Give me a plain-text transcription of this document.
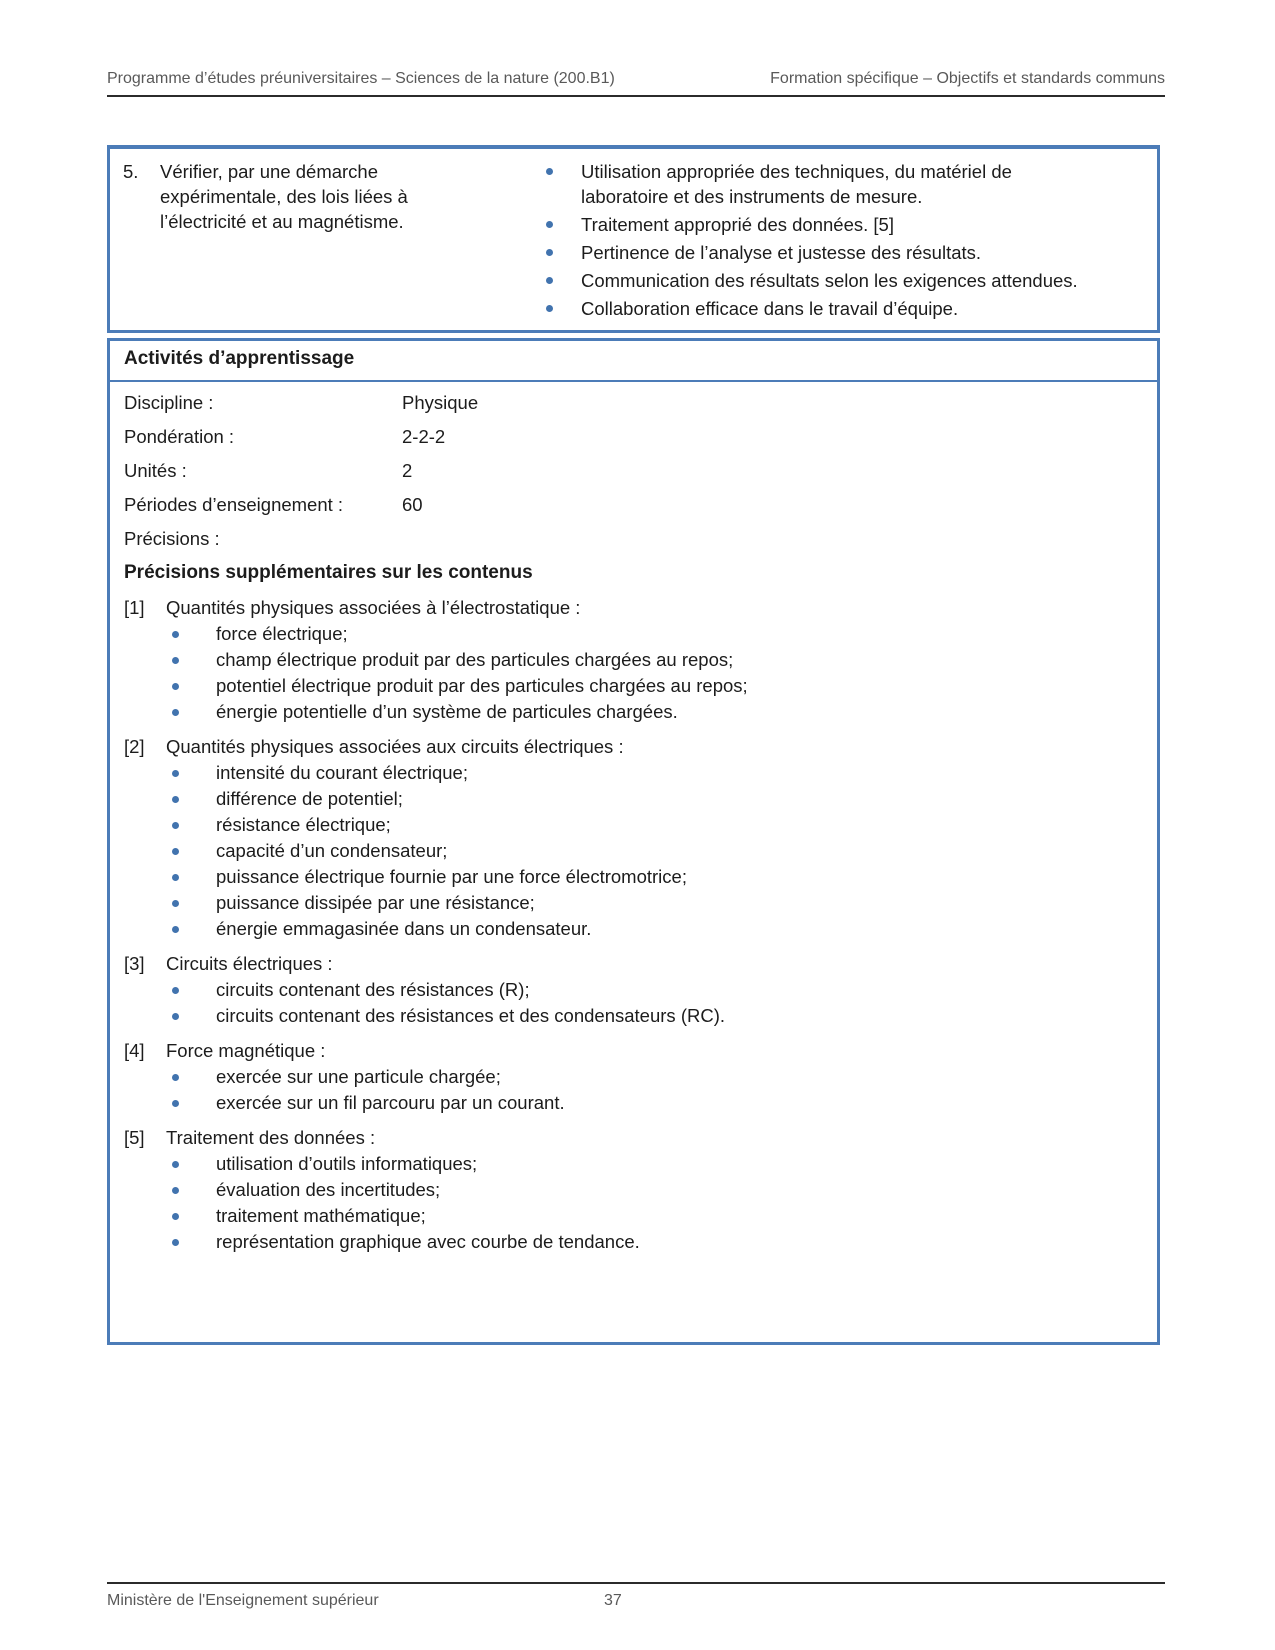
Programme d’études préuniversitaires – Sciences de la nature (200.B1)	Formation spécifique – Objectifs et standards communs
5.	Vérifier, par une démarche expérimentale, des lois liées à l’électricité et au magnétisme.
Utilisation appropriée des techniques, du matériel de laboratoire et des instruments de mesure.
Traitement approprié des données. [5]
Pertinence de l’analyse et justesse des résultats.
Communication des résultats selon les exigences attendues.
Collaboration efficace dans le travail d’équipe.
Activités d’apprentissage
Discipline :	Physique
Pondération :	2-2-2
Unités :	2
Périodes d’enseignement :	60
Précisions :
Précisions supplémentaires sur les contenus
[1]	Quantités physiques associées à l’électrostatique :
force électrique;
champ électrique produit par des particules chargées au repos;
potentiel électrique produit par des particules chargées au repos;
énergie potentielle d’un système de particules chargées.
[2]	Quantités physiques associées aux circuits électriques :
intensité du courant électrique;
différence de potentiel;
résistance électrique;
capacité d’un condensateur;
puissance électrique fournie par une force électromotrice;
puissance dissipée par une résistance;
énergie emmagasinée dans un condensateur.
[3]	Circuits électriques :
circuits contenant des résistances (R);
circuits contenant des résistances et des condensateurs (RC).
[4]	Force magnétique :
exercée sur une particule chargée;
exercée sur un fil parcouru par un courant.
[5]	Traitement des données :
utilisation d’outils informatiques;
évaluation des incertitudes;
traitement mathématique;
représentation graphique avec courbe de tendance.
Ministère de l'Enseignement supérieur	37
